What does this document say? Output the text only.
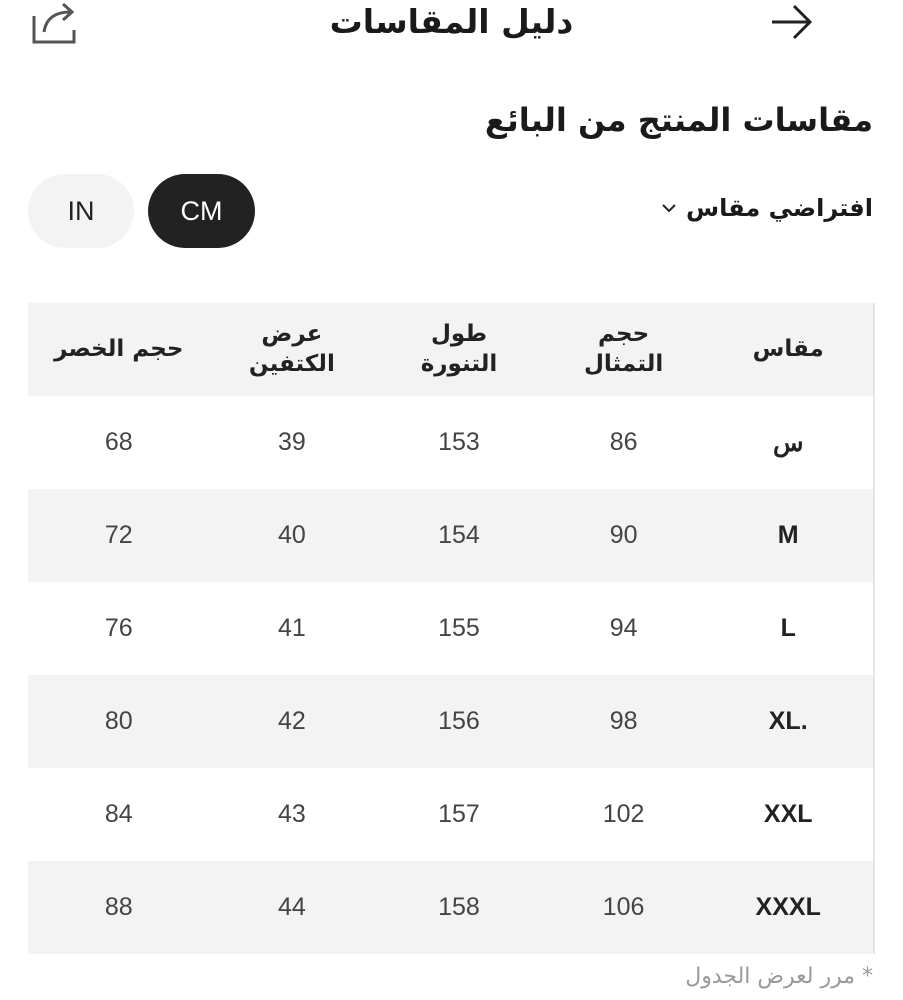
دليل المقاسات
مقاسات المنتج من البائع
IN	CM	افتراضي مقاس
مقاس
حجم
التمثال
طول
التنورة
عرض
الكتفين
حجم الخصر
س
86
153
39
68
M
90
154
40
72
L
94
155
41
76
.XL
98
156
42
80
XXL
102
157
43
84
XXXL
106
158
44
88
* مرر لعرض الجدول
